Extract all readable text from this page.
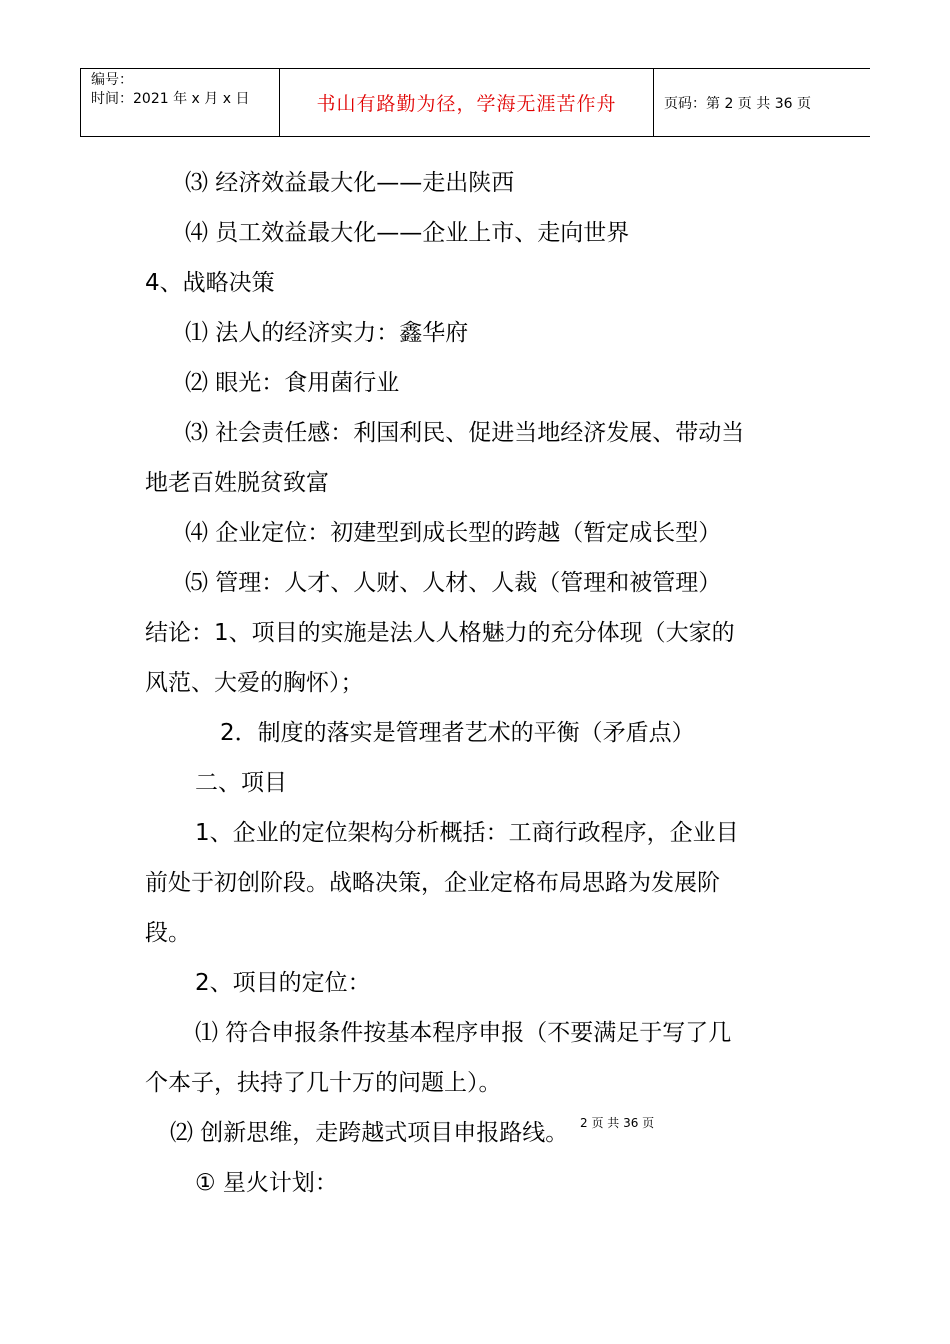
编号：
时间：2021 年 x 月 x 日	书山有路勤为径，学海无涯苦作舟	页码：第 2 页 共 36 页
⑶ 经济效益最大化——走出陕西
⑷ 员工效益最大化——企业上市、走向世界
4、战略决策
⑴ 法人的经济实力：鑫华府
⑵ 眼光：食用菌行业
⑶ 社会责任感：利国利民、促进当地经济发展、带动当
地老百姓脱贫致富
⑷ 企业定位：初建型到成长型的跨越（暂定成长型）
⑸ 管理：人才、人财、人材、人裁（管理和被管理）
结论：1、项目的实施是法人人格魅力的充分体现（大家的
风范、大爱的胸怀）；
2．制度的落实是管理者艺术的平衡（矛盾点）
二、项目
1、企业的定位架构分析概括：工商行政程序，企业目
前处于初创阶段。战略决策，企业定格布局思路为发展阶
段。
2、项目的定位：
⑴ 符合申报条件按基本程序申报（不要满足于写了几
个本子，扶持了几十万的问题上）。
⑵ 创新思维，走跨越式项目申报路线。
① 星火计划：
2 页 共 36 页
